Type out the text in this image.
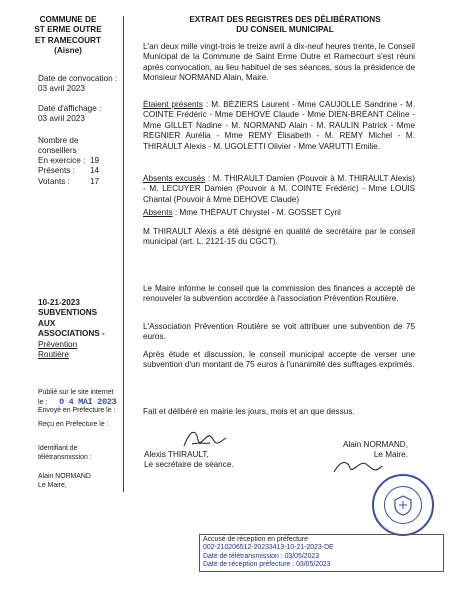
COMMUNE DE

ST ERME OUTRE

ET RAMECOURT

(Aisne)

EXTRAIT DES REGISTRES DES DÉLIBÉRATIONS

DU CONSEIL MUNICIPAL

Date de convocation :

03 avril 2023

Date d'affichage :

03 avril 2023

Nombre de

conseillers

En exercice : 19
Présents :	14
Votants :	17
L'an deux mille vingt-trois le treize avril à dix-neuf heures trente, le Conseil Municipal de la Commune de Saint Erme Outre et Ramecourt s'est réuni après convocation, au lieu habituel de ses séances, sous la présidence de Monsieur NORMAND Alain, Maire.
Étaient présents : M. BÉZIERS Laurent - Mme CAUJOLLE Sandrine - M. COINTE Frédéric - Mme DEHOVE Claude - Mme DIEN-BRÉANT Céline - Mme GILLET Nadine - M. NORMAND Alain - M. RAULIN Patrick - Mme REGNIER Aurélia - Mme REMY Élisabeth - M. REMY Michel - M. THIRAULT Alexis - M. UGOLETTI Olivier - Mme VARUTTI Emilie.
Absents excusés : M. THIRAULT Damien (Pouvoir à M. THIRAULT Alexis) - M. LECUYER Damien (Pouvoir à M. COINTE Frédéric) - Mme LOUIS Chantal (Pouvoir à Mme DEHOVE Claude)
Absents : Mme THÉPAUT Chrystel - M. GOSSET Cyril
M THIRAULT Alexis a été désigné en qualité de secrétaire par le conseil municipal (art. L. 2121-15 du CGCT).

10-21-2023

SUBVENTIONS

AUX

ASSOCIATIONS -

Prévention Routière

Le Maire informe le conseil que la commission des finances a accepté de renouveler la subvention accordée à l'association Prévention Routière.
L'Association Prévention Routière se voit attribuer une subvention de 75 euros.
Après étude et discussion, le conseil municipal accepte de verser une subvention d'un montant de 75 euros à l'unanimité des suffrages exprimés.
Fait et délibéré en mairie les jours, mois et an que dessus.

Publié sur le site internet

le : 0 4 MAI 2023

Envoyé en Préfecture le :

Reçu en Préfecture le :

Identifiant de

télétransmission :

Alain NORMAND

Le Maire,

Alexis THIRAULT,

Le secrétaire de séance.

Alain NORMAND,

Le Maire.

Accusé de réception en préfecture
002-210206512-20233413-10-21-2023-DE
Date de télétransmission : 03/05/2023
Date de réception préfecture : 03/05/2023
